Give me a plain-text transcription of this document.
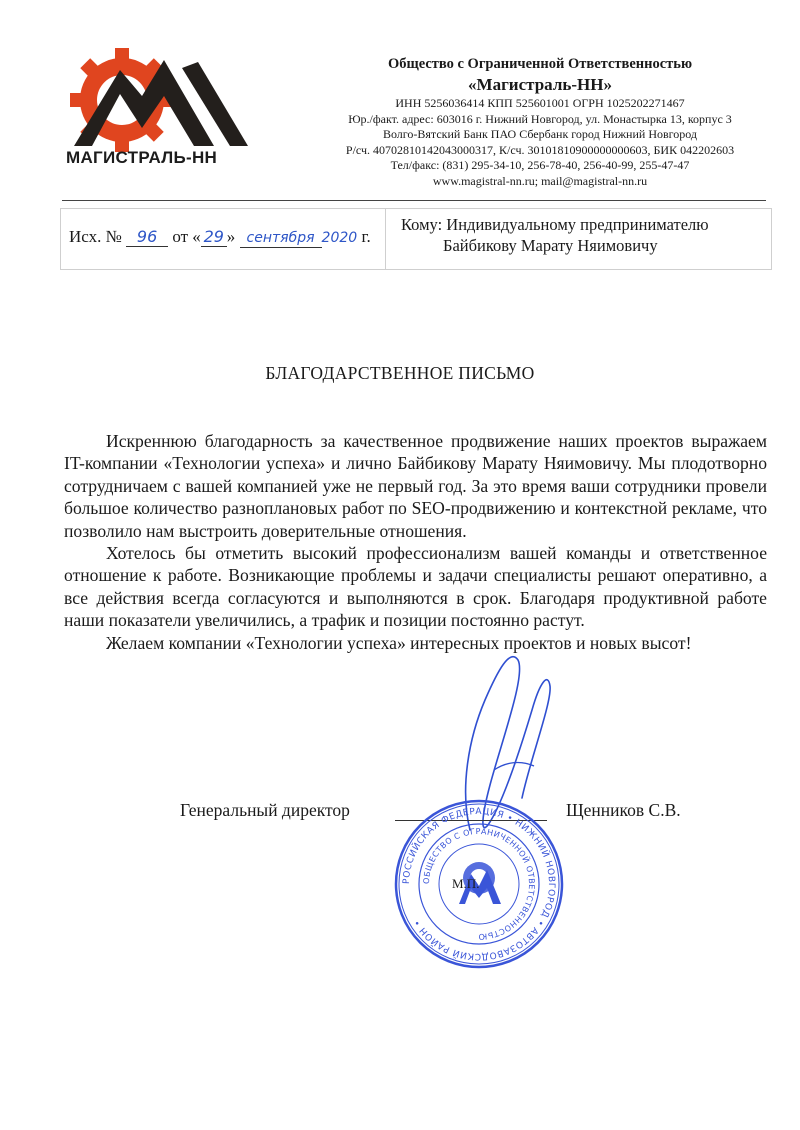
МАГИСТРАЛЬ-НН
Общество с Ограниченной Ответственностью
«Магистраль-НН»
ИНН 5256036414 КПП 525601001 ОГРН 1025202271467
Юр./факт. адрес: 603016 г. Нижний Новгород, ул. Монастырка 13, корпус 3
Волго-Вятский Банк ПАО Сбербанк город Нижний Новгород
Р/сч. 40702810142043000317, К/сч. 30101810900000000603, БИК 042202603
Тел/факс: (831) 295-34-10, 256-78-40, 256-40-99, 255-47-47
www.magistral-nn.ru; mail@magistral-nn.ru
Исх. № 96 от « 29 » сентября 2020 г.
Кому: Индивидуальному предпринимателю
Байбикову Марату Няимовичу
БЛАГОДАРСТВЕННОЕ ПИСЬМО

Искреннюю благодарность за качественное продвижение наших проектов выражаем IT-компании «Технологии успеха» и лично Байбикову Марату Няимовичу. Мы плодотворно сотрудничаем с вашей компанией уже не первый год. За это время ваши сотрудники провели большое количество разноплановых работ по SEO-продвижению и контекстной рекламе, что позволило нам выстроить доверительные отношения.

Хотелось бы отметить высокий профессионализм вашей команды и ответственное отношение к работе. Возникающие проблемы и задачи специалисты решают оперативно, а все действия всегда согласуются и выполняются в срок. Благодаря продуктивной работе наши показатели увеличились, а трафик и позиции постоянно растут.

Желаем компании «Технологии успеха» интересных проектов и новых высот!

Генеральный директор	Щенников С.В.
РОССИЙСКАЯ ФЕДЕРАЦИЯ • НИЖНИЙ НОВГОРОД • АВТОЗАВОДСКИЙ РАЙОН •
ОБЩЕСТВО С ОГРАНИЧЕННОЙ ОТВЕТСТВЕННОСТЬЮ
М.П.
